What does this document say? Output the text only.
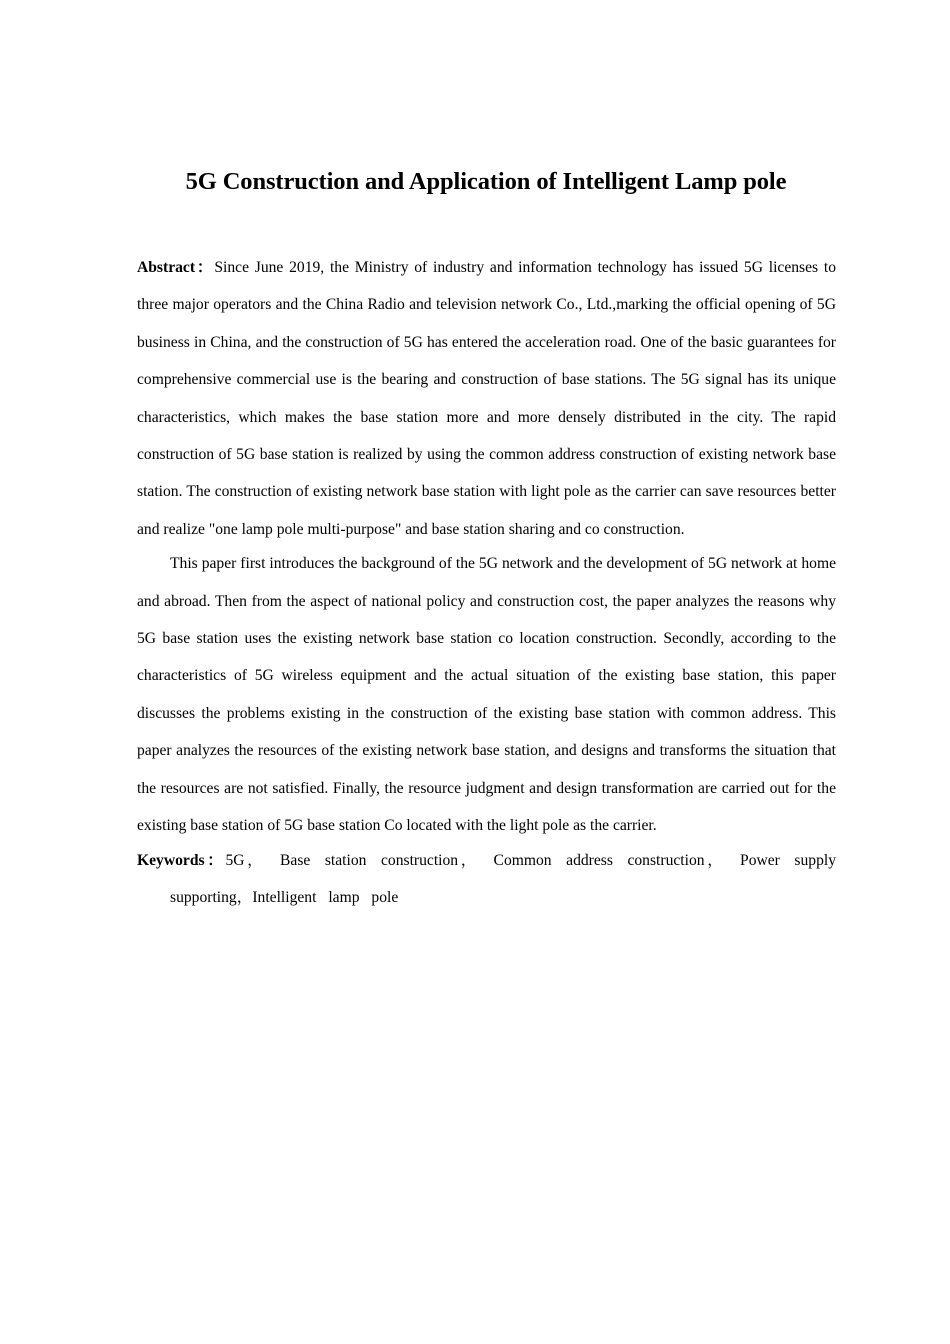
5G Construction and Application of Intelligent Lamp pole

Abstract：Since June 2019, the Ministry of industry and information technology has issued 5G licenses to three major operators and the China Radio and television network Co., Ltd.,marking the official opening of 5G business in China, and the construction of 5G has entered the acceleration road. One of the basic guarantees for comprehensive commercial use is the bearing and construction of base stations. The 5G signal has its unique characteristics, which makes the base station more and more densely distributed in the city. The rapid construction of 5G base station is realized by using the common address construction of existing network base station. The construction of existing network base station with light pole as the carrier can save resources better and realize "one lamp pole multi-purpose" and base station sharing and co construction.

This paper first introduces the background of the 5G network and the development of 5G network at home and abroad. Then from the aspect of national policy and construction cost, the paper analyzes the reasons why 5G base station uses the existing network base station co location construction. Secondly, according to the characteristics of 5G wireless equipment and the actual situation of the existing base station, this paper discusses the problems existing in the construction of the existing base station with common address. This paper analyzes the resources of the existing network base station, and designs and transforms the situation that the resources are not satisfied. Finally, the resource judgment and design transformation are carried out for the existing base station of 5G base station Co located with the light pole as the carrier.

Keywords：5G， Base station construction， Common address construction， Power supply supporting，Intelligent lamp pole
